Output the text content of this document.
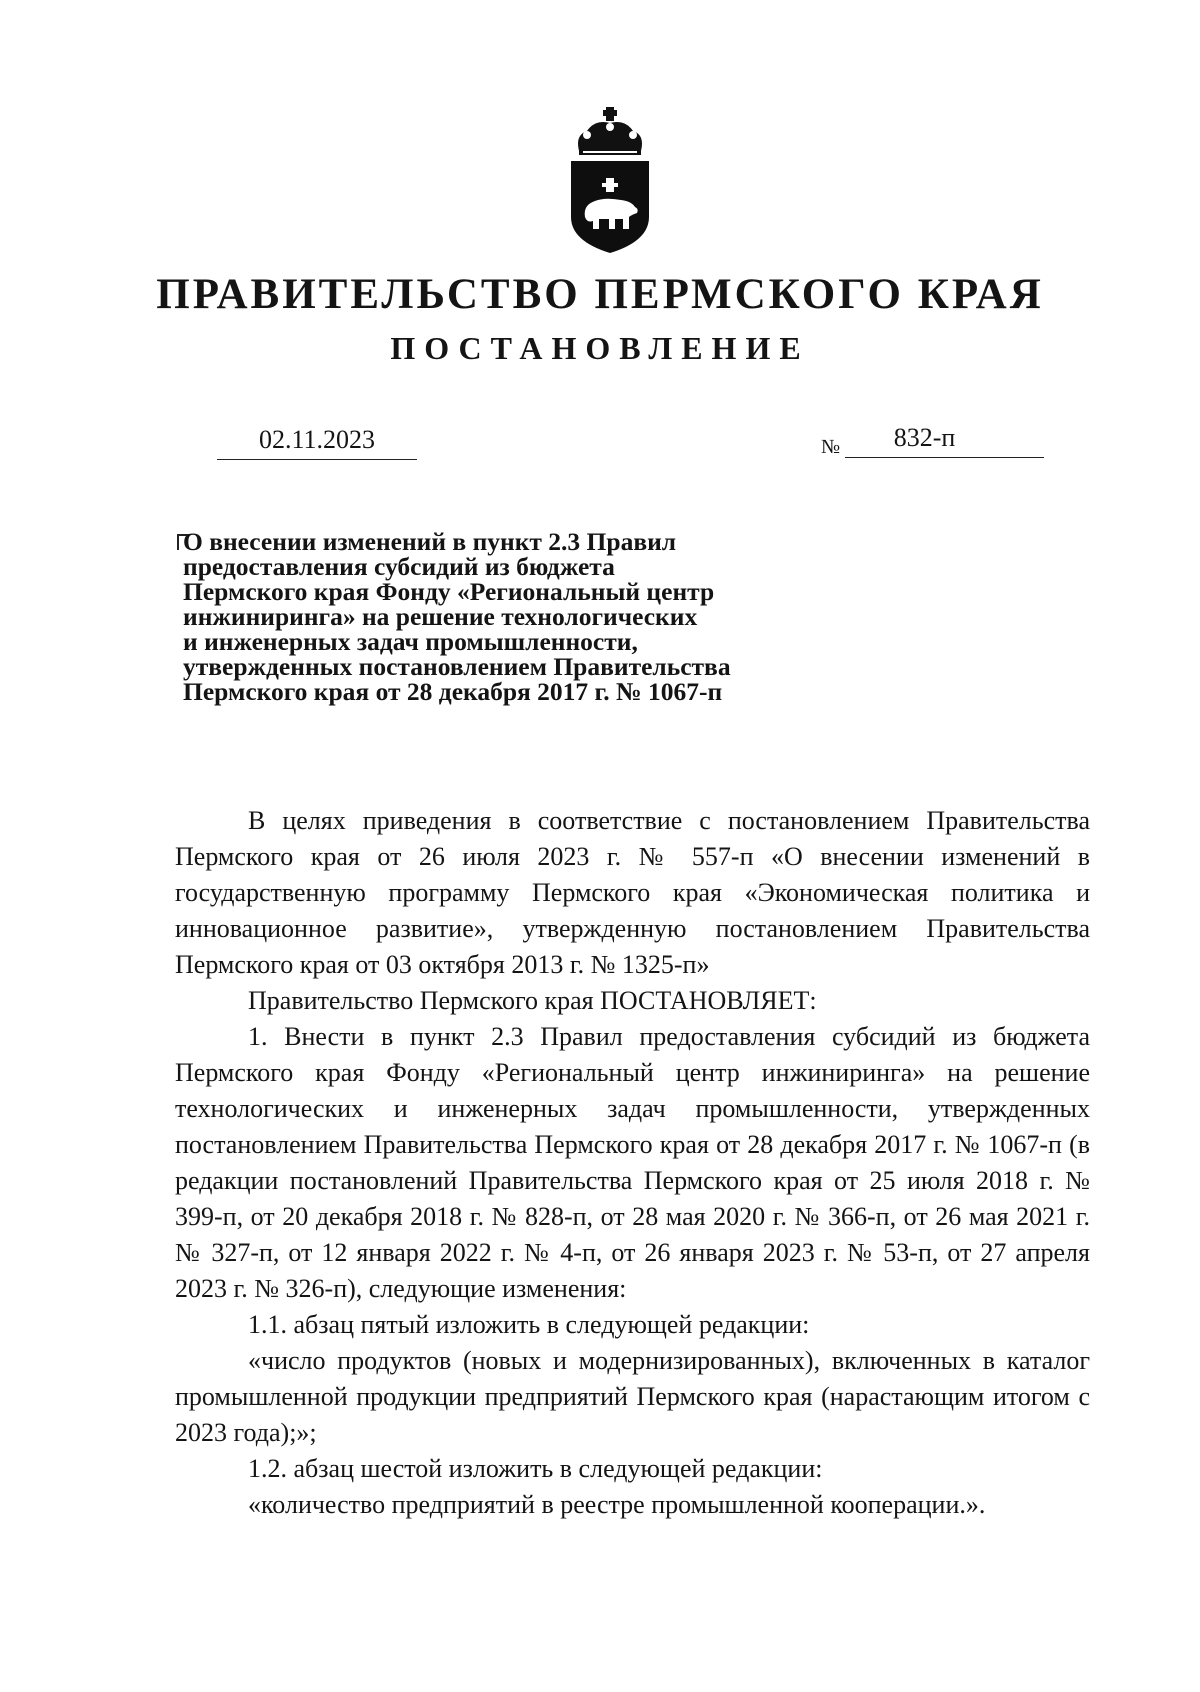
ПРАВИТЕЛЬСТВО ПЕРМСКОГО КРАЯ
ПОСТАНОВЛЕНИЕ
02.11.2023	№	832-п
О внесении изменений в пункт 2.3 Правил
предоставления субсидий из бюджета
Пермского края Фонду «Региональный центр
инжиниринга» на решение технологических
и инженерных задач промышленности,
утвержденных постановлением Правительства
Пермского края от 28 декабря 2017 г. № 1067-п

В целях приведения в соответствие с постановлением Правительства Пермского края от 26 июля 2023 г. № 557-п «О внесении изменений в государственную программу Пермского края «Экономическая политика и инновационное развитие», утвержденную постановлением Правительства Пермского края от 03 октября 2013 г. № 1325-п»

Правительство Пермского края ПОСТАНОВЛЯЕТ:

1. Внести в пункт 2.3 Правил предоставления субсидий из бюджета Пермского края Фонду «Региональный центр инжиниринга» на решение технологических и инженерных задач промышленности, утвержденных постановлением Правительства Пермского края от 28 декабря 2017 г. № 1067-п (в редакции постановлений Правительства Пермского края от 25 июля 2018 г. № 399-п, от 20 декабря 2018 г. № 828-п, от 28 мая 2020 г. № 366-п, от 26 мая 2021 г. № 327-п, от 12 января 2022 г. № 4-п, от 26 января 2023 г. № 53-п, от 27 апреля 2023 г. № 326-п), следующие изменения:

1.1. абзац пятый изложить в следующей редакции:

«число продуктов (новых и модернизированных), включенных в каталог промышленной продукции предприятий Пермского края (нарастающим итогом с 2023 года);»;

1.2. абзац шестой изложить в следующей редакции:

«количество предприятий в реестре промышленной кооперации.».
